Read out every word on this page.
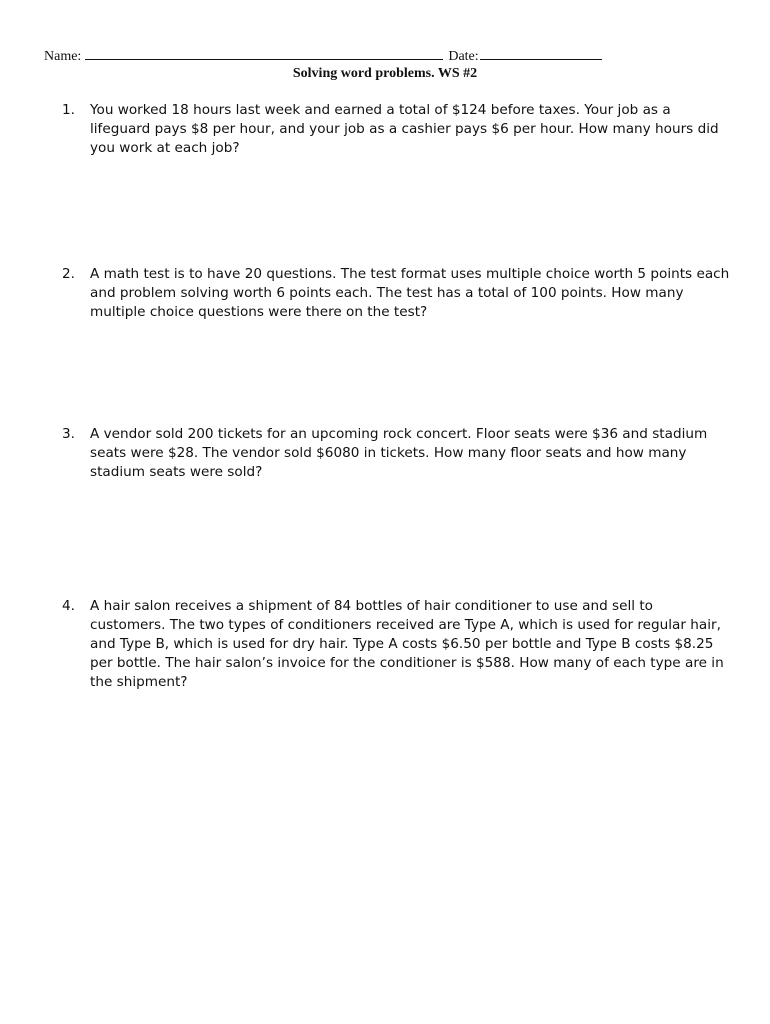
Name:	Date:
Solving word problems. WS #2
1.	You worked 18 hours last week and earned a total of $124 before taxes. Your job as a lifeguard pays $8 per hour, and your job as a cashier pays $6 per hour. How many hours did you work at each job?
2.	A math test is to have 20 questions. The test format uses multiple choice worth 5 points each and problem solving worth 6 points each. The test has a total of 100 points. How many multiple choice questions were there on the test?
3.	A vendor sold 200 tickets for an upcoming rock concert. Floor seats were $36 and stadium seats were $28. The vendor sold $6080 in tickets. How many floor seats and how many stadium seats were sold?
4.	A hair salon receives a shipment of 84 bottles of hair conditioner to use and sell to customers. The two types of conditioners received are Type A, which is used for regular hair, and Type B, which is used for dry hair. Type A costs $6.50 per bottle and Type B costs $8.25 per bottle. The hair salon’s invoice for the conditioner is $588. How many of each type are in the shipment?
